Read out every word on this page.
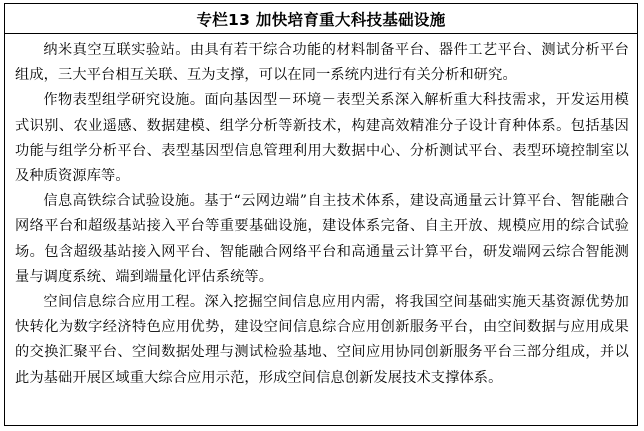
专栏13 加快培育重大科技基础设施

纳米真空互联实验站。由具有若干综合功能的材料制备平台、器件工艺平台、测试分析平台组成，三大平台相互关联、互为支撑，可以在同一系统内进行有关分析和研究。

作物表型组学研究设施。面向基因型－环境－表型关系深入解析重大科技需求，开发运用模式识别、农业遥感、数据建模、组学分析等新技术，构建高效精准分子设计育种体系。包括基因功能与组学分析平台、表型基因型信息管理利用大数据中心、分析测试平台、表型环境控制室以及种质资源库等。

信息高铁综合试验设施。基于“云网边端”自主技术体系，建设高通量云计算平台、智能融合网络平台和超级基站接入平台等重要基础设施，建设体系完备、自主开放、规模应用的综合试验场。包含超级基站接入网平台、智能融合网络平台和高通量云计算平台，研发端网云综合智能测量与调度系统、端到端量化评估系统等。

空间信息综合应用工程。深入挖掘空间信息应用内需，将我国空间基础实施天基资源优势加快转化为数字经济特色应用优势，建设空间信息综合应用创新服务平台，由空间数据与应用成果的交换汇聚平台、空间数据处理与测试检验基地、空间应用协同创新服务平台三部分组成，并以此为基础开展区域重大综合应用示范，形成空间信息创新发展技术支撑体系。
